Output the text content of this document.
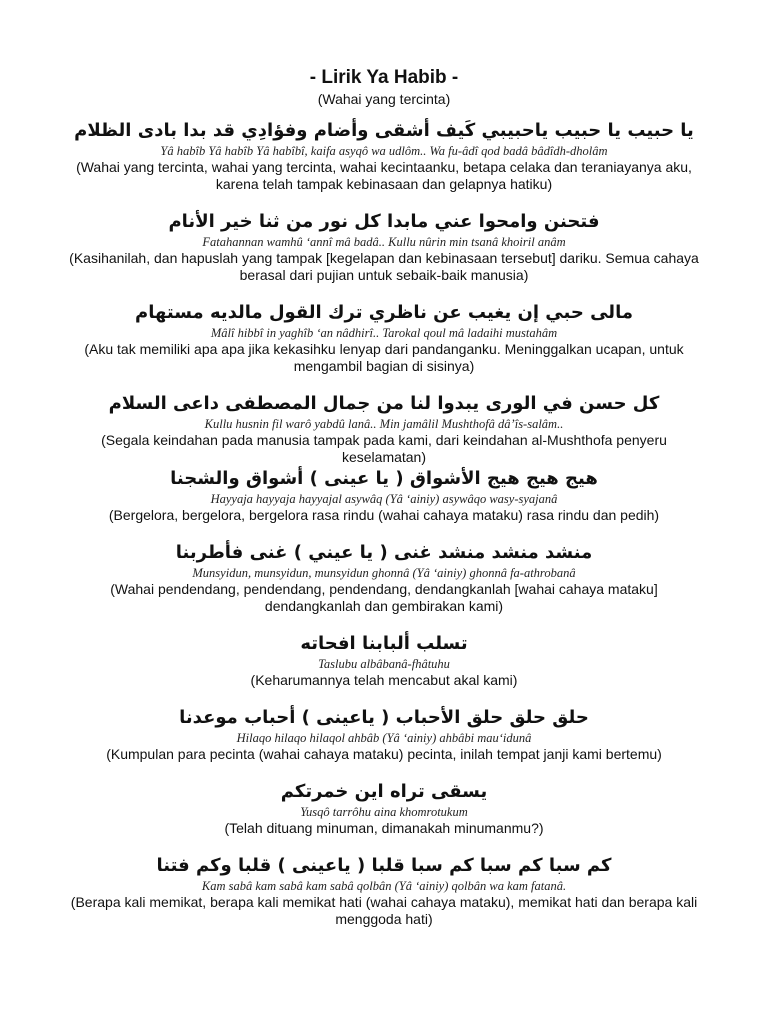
- Lirik Ya Habib -
(Wahai yang tercinta)
يا حبيب يا حبيب ياحبيبي كَيف أشقى وأضام وفؤادِي قد بدا بادى الظلام
Yâ habîb Yâ habîb Yâ habîbî, kaifa asyqô wa udlôm.. Wa fu-âdî qod badâ bâdîdh-dholâm
(Wahai yang tercinta, wahai yang tercinta, wahai kecintaanku, betapa celaka dan teraniayanya aku, karena telah tampak kebinasaan dan gelapnya hatiku)
فتحنن وامحوا عني مابدا كل نور من ثنا خير الأنام
Fatahannan wamhû ‘annî mâ badâ.. Kullu nûrin min tsanâ khoiril anâm
(Kasihanilah, dan hapuslah yang tampak [kegelapan dan kebinasaan tersebut] dariku. Semua cahaya berasal dari pujian untuk sebaik-baik manusia)
مالى حبي إن يغيب عن ناظري ترك القول مالديه مستهام
Mâlî hibbî in yaghîb ‘an nâdhirî.. Tarokal qoul mâ ladaihi mustahâm
(Aku tak memiliki apa apa jika kekasihku lenyap dari pandanganku. Meninggalkan ucapan, untuk mengambil bagian di sisinya)
كل حسن في الورى يبدوا لنا من جمال المصطفى داعى السلام
Kullu husnin fil warô yabdû lanâ.. Min jamâlil Mushthofâ dâ’îs-salâm..
(Segala keindahan pada manusia tampak pada kami, dari keindahan al-Mushthofa penyeru keselamatan)
هيج هيج هيج الأشواق ( يا عينى ) أشواق والشجنا
Hayyaja hayyaja hayyajal asywâq (Yâ ‘ainiy) asywâqo wasy-syajanâ
(Bergelora, bergelora, bergelora rasa rindu (wahai cahaya mataku) rasa rindu dan pedih)
منشد منشد منشد غنى ( يا عيني ) غنى فأطربنا
Munsyidun, munsyidun, munsyidun ghonnâ (Yâ ‘ainiy) ghonnâ fa-athrobanâ
(Wahai pendendang, pendendang, pendendang, dendangkanlah [wahai cahaya mataku] dendangkanlah dan gembirakan kami)
تسلب ألبابنا افحاته
Taslubu albâbanâ-fhâtuhu
(Keharumannya telah mencabut akal kami)
حلق حلق حلق الأحباب ( ياعينى ) أحباب موعدنا
Hilaqo hilaqo hilaqol ahbâb (Yâ ‘ainiy) ahbâbi mau‘idunâ
(Kumpulan para pecinta (wahai cahaya mataku) pecinta, inilah tempat janji kami bertemu)
يسقى تراه اين خمرتكم
Yusqô tarrôhu aina khomrotukum
(Telah dituang minuman, dimanakah minumanmu?)
كم سبا كم سبا كم سبا قلبا ( ياعينى ) قلبا وكم فتنا
Kam sabâ kam sabâ kam sabâ qolbân (Yâ ‘ainiy) qolbân wa kam fatanâ.
(Berapa kali memikat, berapa kali memikat hati (wahai cahaya mataku), memikat hati dan berapa kali menggoda hati)
